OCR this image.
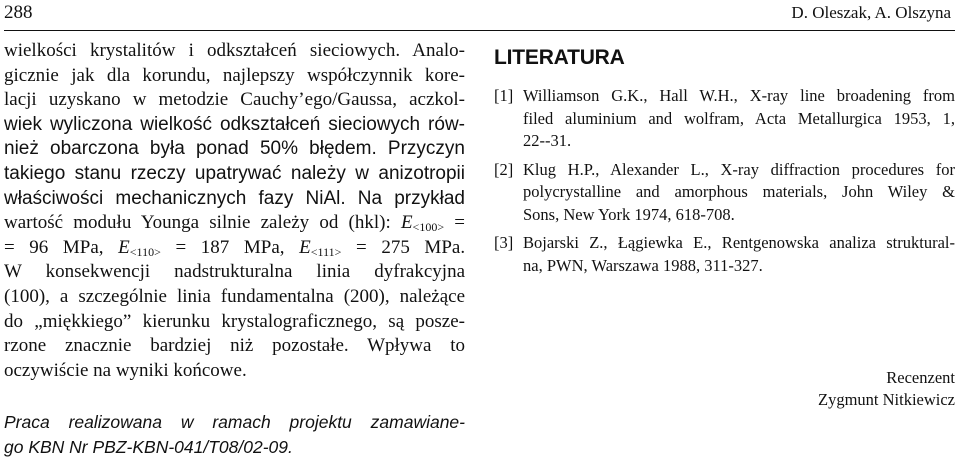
288	D. Oleszak, A. Olszyna
wielkości krystalitów i odkształceń sieciowych. Analo-
gicznie jak dla korundu, najlepszy współczynnik kore-
lacji uzyskano w metodzie Cauchy’ego/Gaussa, aczkol-
wiek wyliczona wielkość odkształceń sieciowych rów-
nież obarczona była ponad 50% błędem. Przyczyn
takiego stanu rzeczy upatrywać należy w anizotropii
właściwości mechanicznych fazy NiAl. Na przykład
wartość modułu Younga silnie zależy od (hkl): $E_{<100>}$ =
= 96 MPa, $E_{<110>} = 187$ MPa, $E_{<111>} = 275$ MPa.
W konsekwencji nadstrukturalna linia dyfrakcyjna
(100), a szczególnie linia fundamentalna (200), należące
do „miękkiego” kierunku krystalograficznego, są posze-
rzone znacznie bardziej niż pozostałe. Wpływa to
oczywiście na wyniki końcowe.
Praca realizowana w ramach projektu zamawiane-
go KBN Nr PBZ-KBN-041/T08/02-09.
LITERATURA
[1] Williamson G.K., Hall W.H., X-ray line broadening from
filed aluminium and wolfram, Acta Metallurgica 1953, 1,
22--31.
[2] Klug H.P., Alexander L., X-ray diffraction procedures for
polycrystalline and amorphous materials, John Wiley &
Sons, New York 1974, 618-708.
[3] Bojarski Z., Łągiewka E., Rentgenowska analiza struktural-
na, PWN, Warszawa 1988, 311-327.
Recenzent
Zygmunt Nitkiewicz
